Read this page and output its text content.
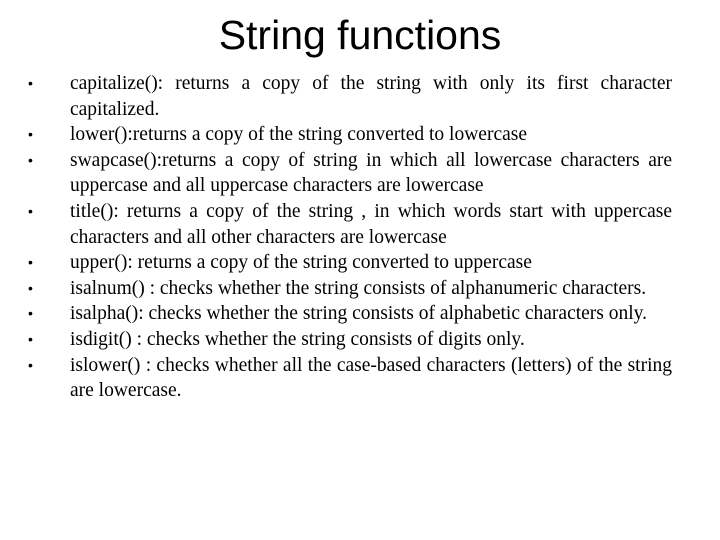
String functions
• capitalize(): returns a copy of the string with only its first character capitalized.
• lower():returns a copy of the string converted to lowercase
• swapcase():returns a copy of string in which all lowercase characters are uppercase and all uppercase characters are lowercase
• title(): returns a copy of the string , in which words start with uppercase characters and all other characters are lowercase
• upper(): returns a copy of the string converted to uppercase
• isalnum() : checks whether the string consists of alphanumeric characters.
• isalpha(): checks whether the string consists of alphabetic characters only.
• isdigit() : checks whether the string consists of digits only.
• islower() : checks whether all the case-based characters (letters) of the string are lowercase.
